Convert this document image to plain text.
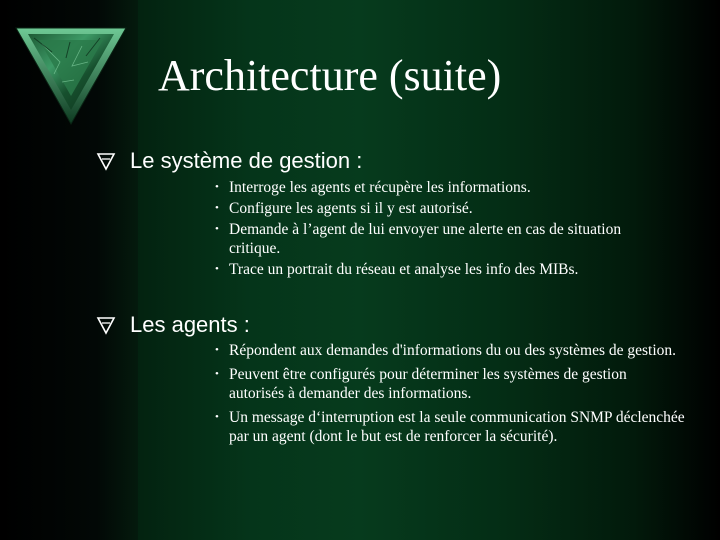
Architecture (suite)
Le système de gestion :
• Interroge les agents et récupère les informations.
• Configure les agents si il y est autorisé.
• Demande à l’agent de lui envoyer une alerte en cas de situation critique.
• Trace un portrait du réseau et analyse les info des MIBs.
Les agents :
• Répondent aux demandes d'informations du ou des systèmes de gestion.
• Peuvent être configurés pour déterminer les systèmes de gestion autorisés à demander des informations.
• Un message d‘interruption est la seule communication SNMP déclenchée par un agent (dont le but est de renforcer la sécurité).
